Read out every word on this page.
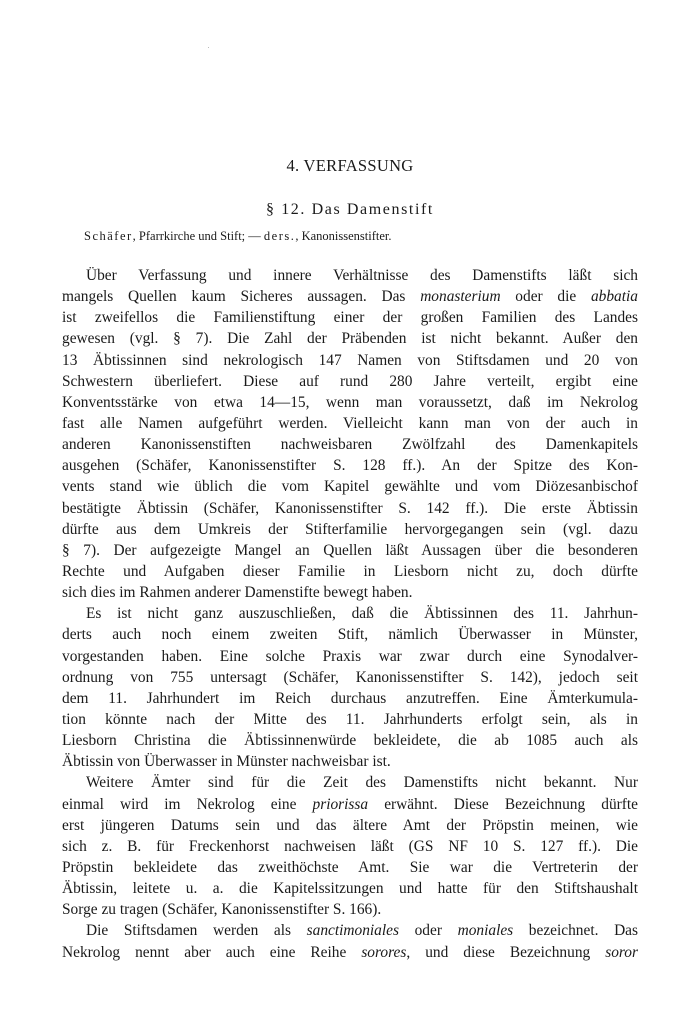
4. VERFASSUNG
§ 12. Das Damenstift
Schäfer, Pfarrkirche und Stift; — ders., Kanonissenstifter.
Über Verfassung und innere Verhältnisse des Damenstifts läßt sich
mangels Quellen kaum Sicheres aussagen. Das monasterium oder die abbatia
ist zweifellos die Familienstiftung einer der großen Familien des Landes
gewesen (vgl. § 7). Die Zahl der Präbenden ist nicht bekannt. Außer den
13 Äbtissinnen sind nekrologisch 147 Namen von Stiftsdamen und 20 von
Schwestern überliefert. Diese auf rund 280 Jahre verteilt, ergibt eine
Konventsstärke von etwa 14—15, wenn man voraussetzt, daß im Nekrolog
fast alle Namen aufgeführt werden. Vielleicht kann man von der auch in
anderen Kanonissenstiften nachweisbaren Zwölfzahl des Damenkapitels
ausgehen (Schäfer, Kanonissenstifter S. 128 ff.). An der Spitze des Kon-
vents stand wie üblich die vom Kapitel gewählte und vom Diözesanbischof
bestätigte Äbtissin (Schäfer, Kanonissenstifter S. 142 ff.). Die erste Äbtissin
dürfte aus dem Umkreis der Stifterfamilie hervorgegangen sein (vgl. dazu
§ 7). Der aufgezeigte Mangel an Quellen läßt Aussagen über die besonderen
Rechte und Aufgaben dieser Familie in Liesborn nicht zu, doch dürfte
sich dies im Rahmen anderer Damenstifte bewegt haben.
Es ist nicht ganz auszuschließen, daß die Äbtissinnen des 11. Jahrhun-
derts auch noch einem zweiten Stift, nämlich Überwasser in Münster,
vorgestanden haben. Eine solche Praxis war zwar durch eine Synodalver-
ordnung von 755 untersagt (Schäfer, Kanonissenstifter S. 142), jedoch seit
dem 11. Jahrhundert im Reich durchaus anzutreffen. Eine Ämterkumula-
tion könnte nach der Mitte des 11. Jahrhunderts erfolgt sein, als in
Liesborn Christina die Äbtissinnenwürde bekleidete, die ab 1085 auch als
Äbtissin von Überwasser in Münster nachweisbar ist.
Weitere Ämter sind für die Zeit des Damenstifts nicht bekannt. Nur
einmal wird im Nekrolog eine priorissa erwähnt. Diese Bezeichnung dürfte
erst jüngeren Datums sein und das ältere Amt der Pröpstin meinen, wie
sich z. B. für Freckenhorst nachweisen läßt (GS NF 10 S. 127 ff.). Die
Pröpstin bekleidete das zweithöchste Amt. Sie war die Vertreterin der
Äbtissin, leitete u. a. die Kapitelssitzungen und hatte für den Stiftshaushalt
Sorge zu tragen (Schäfer, Kanonissenstifter S. 166).
Die Stiftsdamen werden als sanctimoniales oder moniales bezeichnet. Das
Nekrolog nennt aber auch eine Reihe sorores, und diese Bezeichnung soror
